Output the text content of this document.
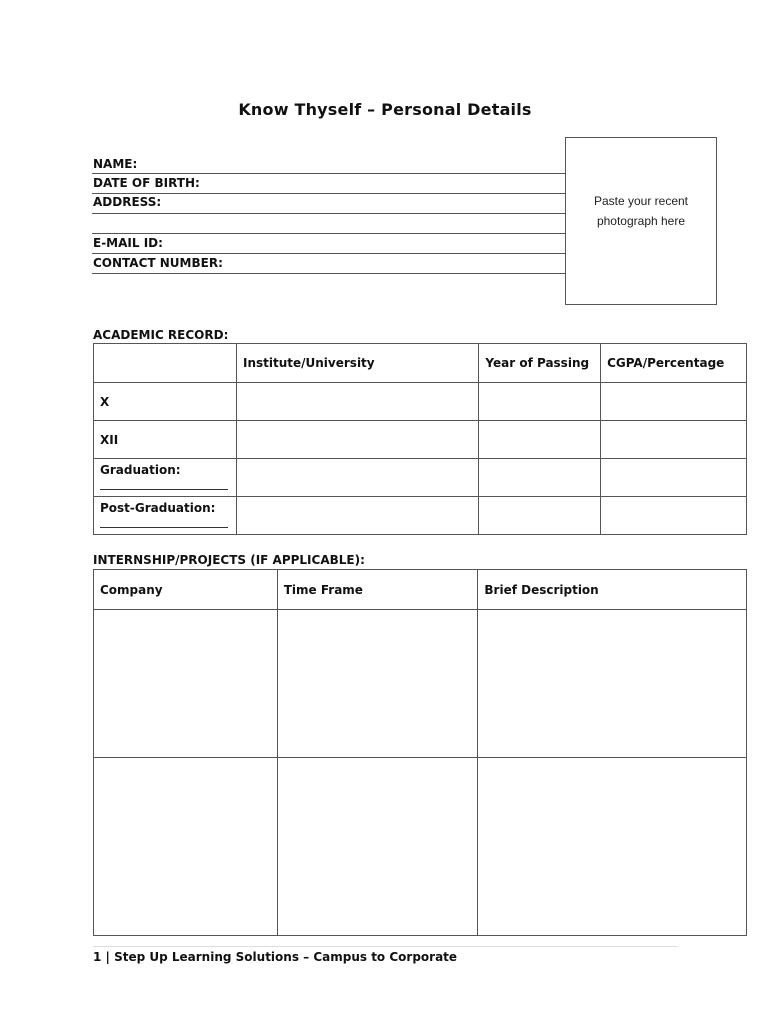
Know Thyself – Personal Details
NAME:
DATE OF BIRTH:
ADDRESS:
E-MAIL ID:
CONTACT NUMBER:
Paste your recent
photograph here
ACADEMIC RECORD:
	Institute/University	Year of Passing	CGPA/Percentage
X			
XII			
Graduation:

Post-Graduation:

INTERNSHIP/PROJECTS (IF APPLICABLE):
Company	Time Frame	Brief Description

1 | Step Up Learning Solutions – Campus to Corporate
